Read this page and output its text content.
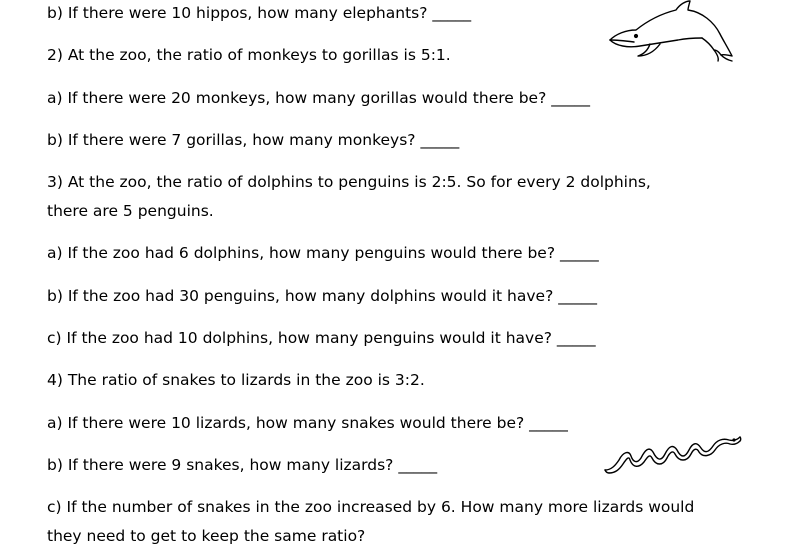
b) If there were 10 hippos, how many elephants? _____
2) At the zoo, the ratio of monkeys to gorillas is 5:1.
a) If there were 20 monkeys, how many gorillas would there be? _____
b) If there were 7 gorillas, how many monkeys? _____
3) At the zoo, the ratio of dolphins to penguins is 2:5. So for every 2 dolphins,
there are 5 penguins.
a) If the zoo had 6 dolphins, how many penguins would there be? _____
b) If the zoo had 30 penguins, how many dolphins would it have? _____
c) If the zoo had 10 dolphins, how many penguins would it have? _____
4) The ratio of snakes to lizards in the zoo is 3:2.
a) If there were 10 lizards, how many snakes would there be? _____
b) If there were 9 snakes, how many lizards? _____
c) If the number of snakes in the zoo increased by 6. How many more lizards would
they need to get to keep the same ratio?
